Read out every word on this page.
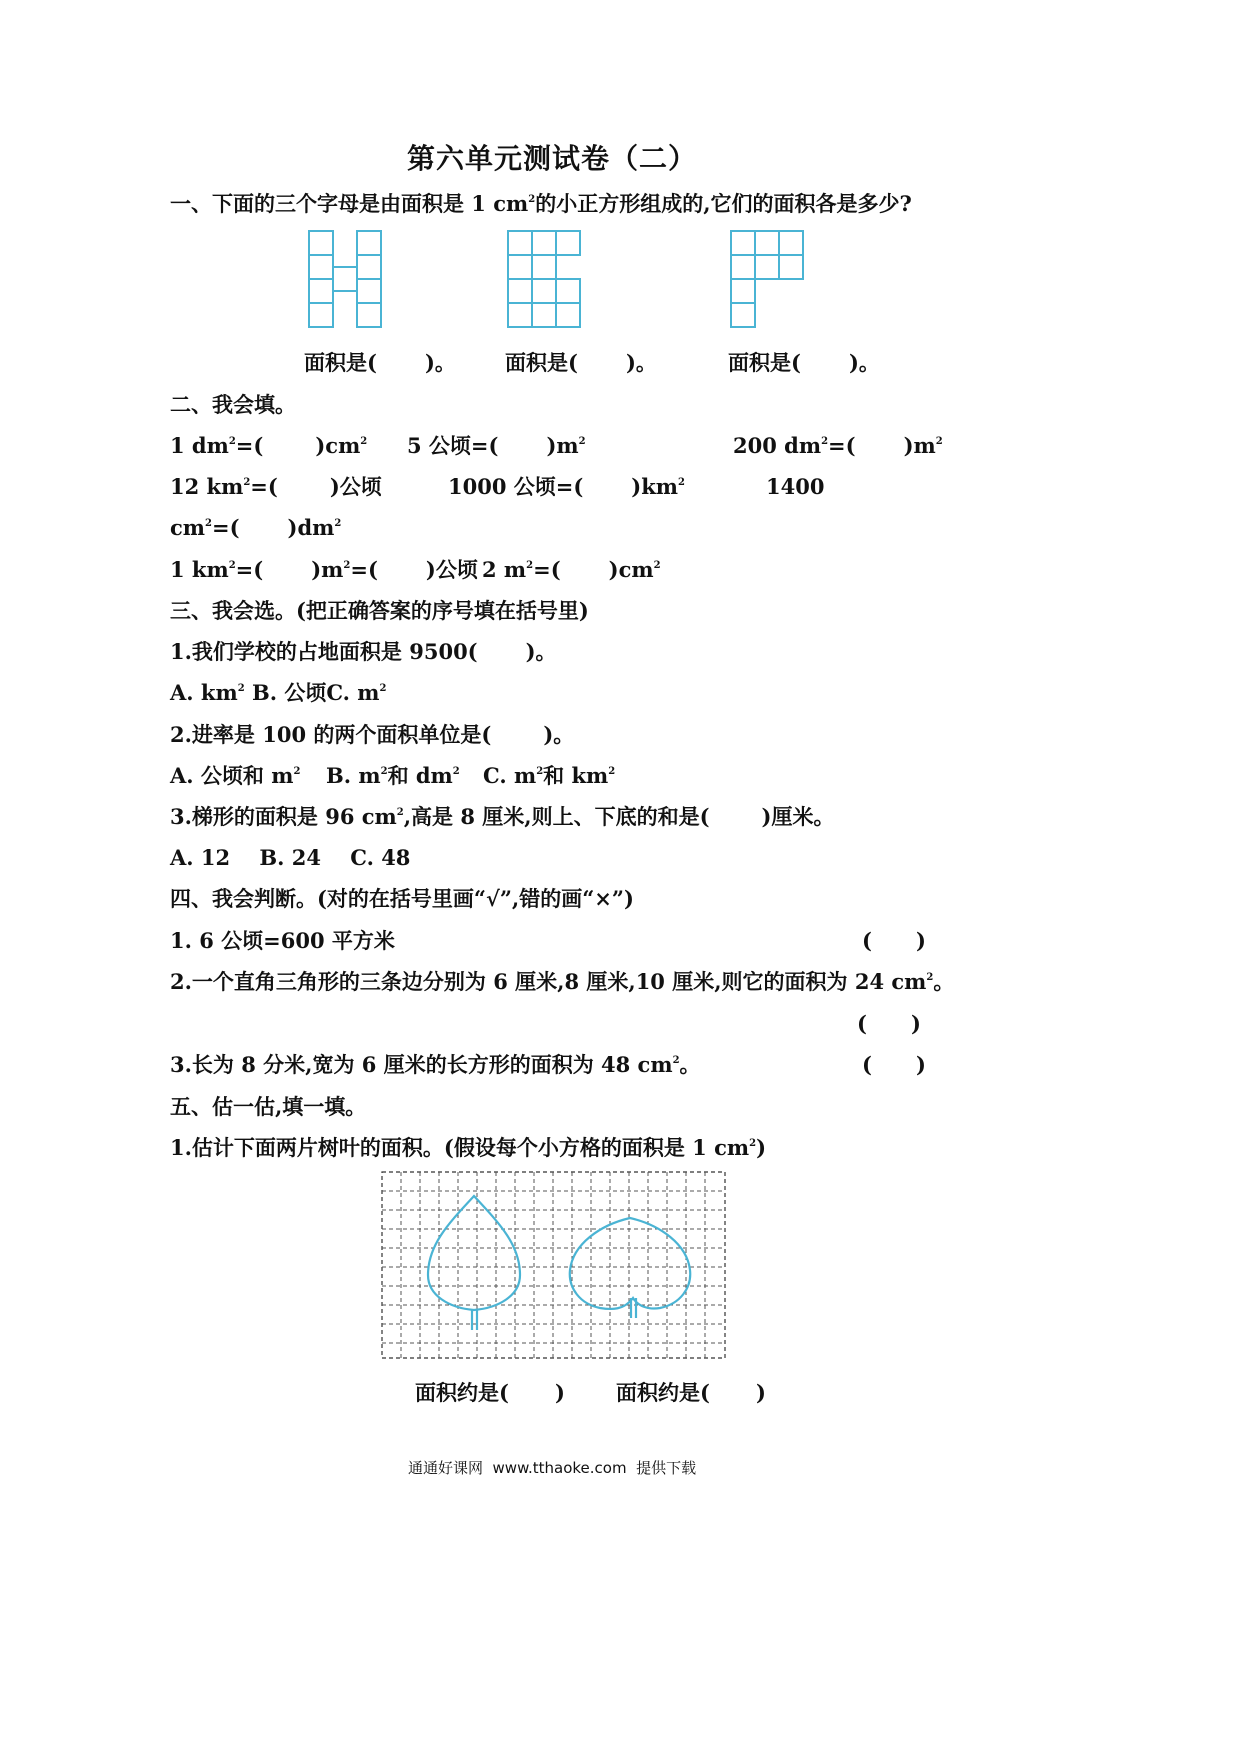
第六单元测试卷（二）
一、下面的三个字母是由面积是 1 $cm^2$的小正方形组成的,它们的面积各是多少?
面积是( )。 面积是( )。	面积是( )。
二、我会填。
1 $dm^2=$( )$cm^2$ 5 公顷=( )$m^2$	200 $dm^2=$( )$m^2$
12 $km^2=$( )公顷	1000 公顷=( )$km^2$	1400
$cm^2=$( )$dm^2$
1 $km^2=$( )$m^2=$( )公顷 2 $m^2=$( )$cm^2$
三、我会选。(把正确答案的序号填在括号里)
1.我们学校的占地面积是 9500( )。
A. $km^2$ B. 公顷C. $m^2$
2.进率是 100 的两个面积单位是( )。
A. 公顷和 $m^2$ B. $m^2$和 $dm^2$ C. $m^2$和 $km^2$
3.梯形的面积是 96 $cm^2$,高是 8 厘米,则上、下底的和是( )厘米。
A. 12    B. 24    C. 48
四、我会判断。(对的在括号里画“√”,错的画“×”)
1. 6 公顷=600 平方米	( )
2.一个直角三角形的三条边分别为 6 厘米,8 厘米,10 厘米,则它的面积为 24 $cm^2$。
( )
3.长为 8 分米,宽为 6 厘米的长方形的面积为 48 $cm^2$。	( )
五、估一估,填一填。
1.估计下面两片树叶的面积。(假设每个小方格的面积是 1 $cm^2$)
面积约是( ) 面积约是( )
通通好课网  www.tthaoke.com  提供下载
